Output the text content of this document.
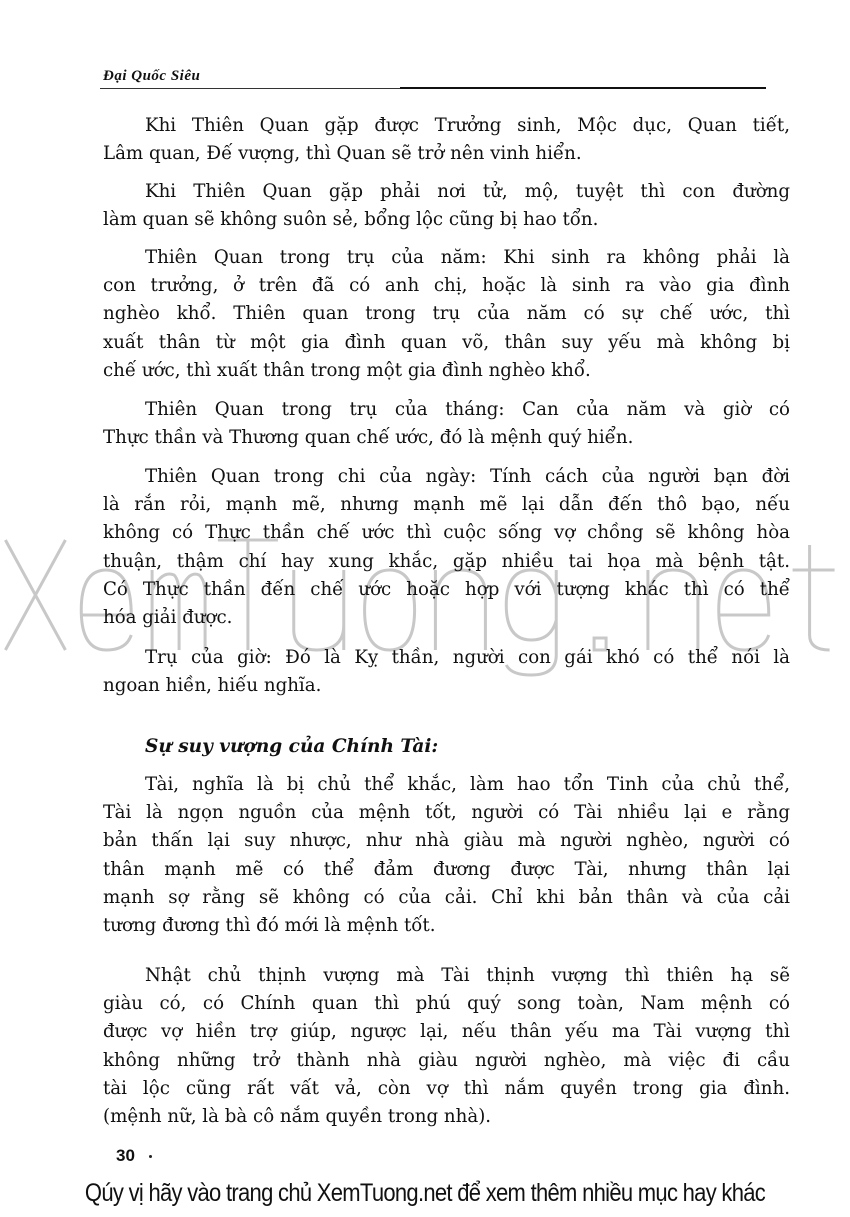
Đại Quốc Siêu
Khi Thiên Quan gặp được Trưởng sinh, Mộc dục, Quan tiết,
Lâm quan, Đế vượng, thì Quan sẽ trở nên vinh hiển.
Khi Thiên Quan gặp phải nơi tử, mộ, tuyệt thì con đường
làm quan sẽ không suôn sẻ, bổng lộc cũng bị hao tổn.
Thiên Quan trong trụ của năm: Khi sinh ra không phải là
con trưởng, ở trên đã có anh chị, hoặc là sinh ra vào gia đình
nghèo khổ. Thiên quan trong trụ của năm có sự chế ước, thì
xuất thân từ một gia đình quan võ, thân suy yếu mà không bị
chế ước, thì xuất thân trong một gia đình nghèo khổ.
Thiên Quan trong trụ của tháng: Can của năm và giờ có
Thực thần và Thương quan chế ước, đó là mệnh quý hiển.
Thiên Quan trong chi của ngày: Tính cách của người bạn đời
là rắn rỏi, mạnh mẽ, nhưng mạnh mẽ lại dẫn đến thô bạo, nếu
không có Thực thần chế ước thì cuộc sống vợ chồng sẽ không hòa
thuận, thậm chí hay xung khắc, gặp nhiều tai họa mà bệnh tật.
Có Thực thần đến chế ước hoặc hợp với tượng khác thì có thể
hóa giải được.
Trụ của giờ: Đó là Kỵ thần, người con gái khó có thể nói là
ngoan hiền, hiếu nghĩa.
Tài, nghĩa là bị chủ thể khắc, làm hao tổn Tinh của chủ thể,
Tài là ngọn nguồn của mệnh tốt, người có Tài nhiều lại e rằng
bản thấn lại suy nhược, như nhà giàu mà người nghèo, người có
thân mạnh mẽ có thể đảm đương được Tài, nhưng thân lại
mạnh sợ rằng sẽ không có của cải. Chỉ khi bản thân và của cải
tương đương thì đó mới là mệnh tốt.
Nhật chủ thịnh vượng mà Tài thịnh vượng thì thiên hạ sẽ
giàu có, có Chính quan thì phú quý song toàn, Nam mệnh có
được vợ hiền trợ giúp, ngược lại, nếu thân yếu ma Tài vượng thì
không những trở thành nhà giàu người nghèo, mà việc đi cầu
tài lộc cũng rất vất vả, còn vợ thì nắm quyền trong gia đình.
(mệnh nữ, là bà cô nắm quyền trong nhà).
Sự suy vượng của Chính Tài:
30
Qúy vị hãy vào trang chủ XemTuong.net để xem thêm nhiều mục hay khác
